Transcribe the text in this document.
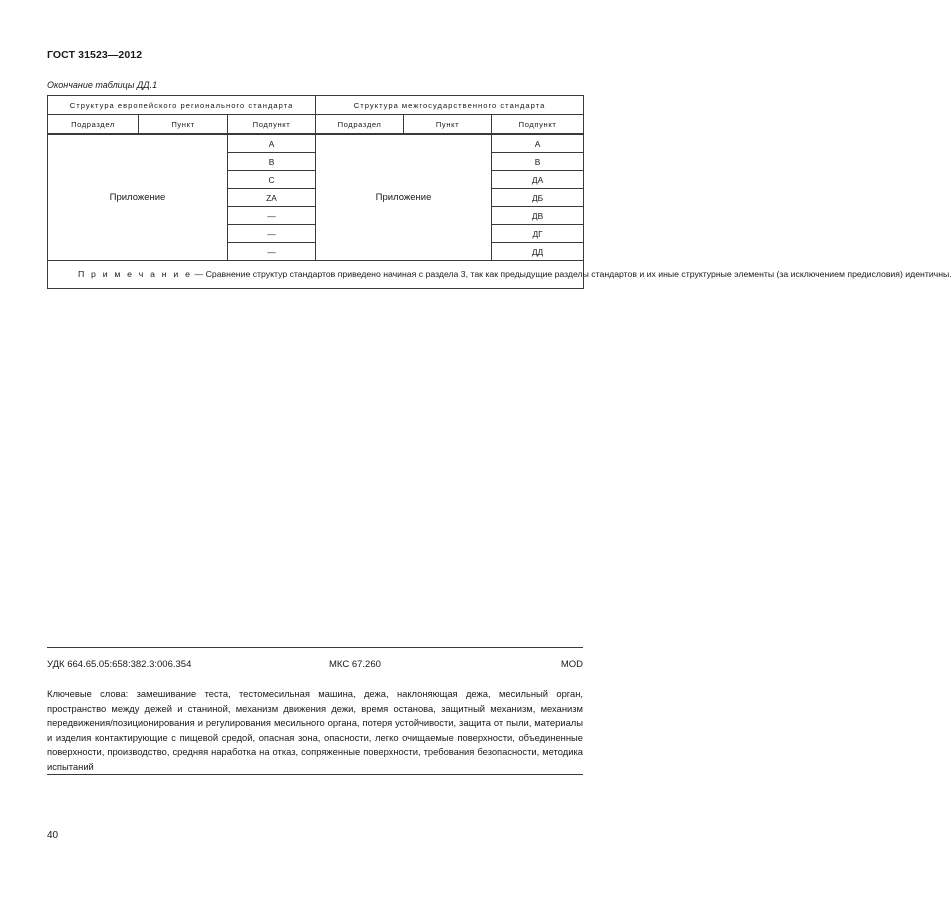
ГОСТ 31523—2012
Окончание таблицы ДД.1
Структура европейского регионального стандарта			Структура межгосударственного стандарта		
Подраздел	Пункт	Подпункт	Подраздел	Пункт	Подпункт

Приложение		A	Приложение		А
		B			В
		C			ДА
		ZA			ДБ
		—			ДВ
		—			ДГ
		—			ДД
П р и м е ч а н и е — Сравнение структур стандартов приведено начиная с раздела 3, так как предыдущие разделы стандартов и их иные структурные элементы (за исключением предисловия) идентичны.					
УДК 664.65.05:658:382.3:006.354	МКС 67.260	MOD
Ключевые слова: замешивание теста, тестомесильная машина, дежа, наклоняющая дежа, месильный орган, пространство между дежей и станиной, механизм движения дежи, время останова, защитный механизм, механизм передвижения/позиционирования и регулирования месильного органа, потеря устойчивости, защита от пыли, материалы и изделия контактирующие с пищевой средой, опасная зона, опасности, легко очищаемые поверхности, объединенные поверхности, производство, средняя наработка на отказ, сопряженные поверхности, требования безопасности, методика испытаний
40
